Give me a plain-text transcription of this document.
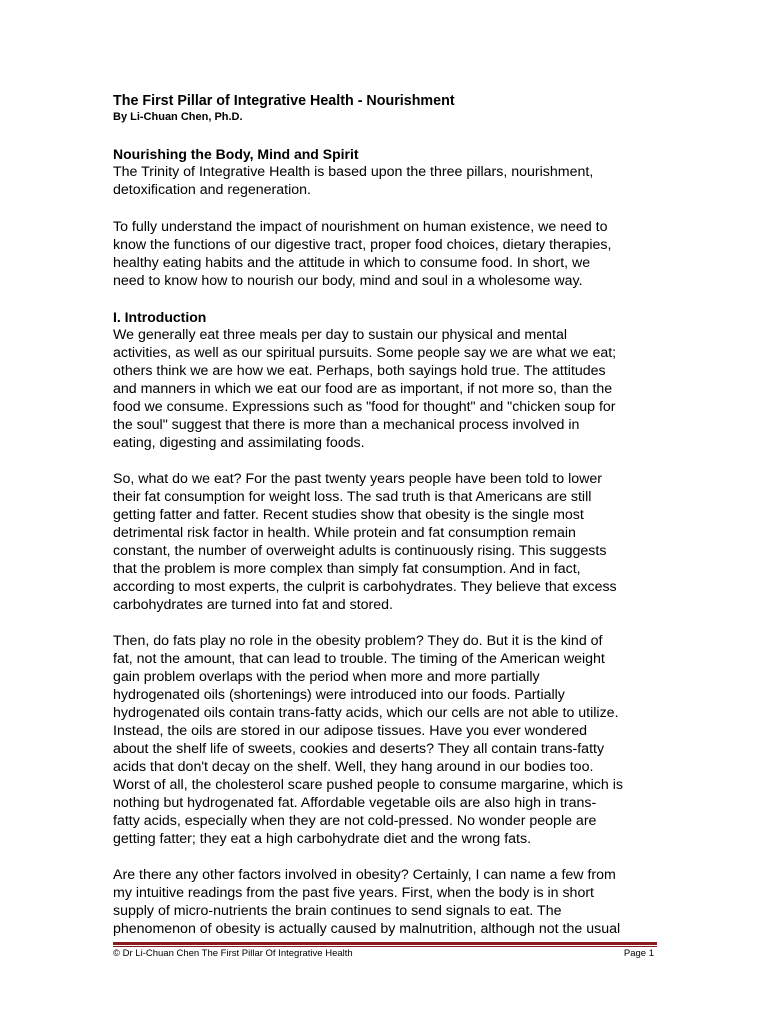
The First Pillar of Integrative Health - Nourishment
By Li-Chuan Chen, Ph.D.
Nourishing the Body, Mind and Spirit
The Trinity of Integrative Health is based upon the three pillars, nourishment,
detoxification and regeneration.
To fully understand the impact of nourishment on human existence, we need to
know the functions of our digestive tract, proper food choices, dietary therapies,
healthy eating habits and the attitude in which to consume food. In short, we
need to know how to nourish our body, mind and soul in a wholesome way.
I. Introduction
We generally eat three meals per day to sustain our physical and mental
activities, as well as our spiritual pursuits. Some people say we are what we eat;
others think we are how we eat. Perhaps, both sayings hold true. The attitudes
and manners in which we eat our food are as important, if not more so, than the
food we consume. Expressions such as "food for thought" and "chicken soup for
the soul" suggest that there is more than a mechanical process involved in
eating, digesting and assimilating foods.
So, what do we eat? For the past twenty years people have been told to lower
their fat consumption for weight loss. The sad truth is that Americans are still
getting fatter and fatter. Recent studies show that obesity is the single most
detrimental risk factor in health. While protein and fat consumption remain
constant, the number of overweight adults is continuously rising. This suggests
that the problem is more complex than simply fat consumption. And in fact,
according to most experts, the culprit is carbohydrates. They believe that excess
carbohydrates are turned into fat and stored.
Then, do fats play no role in the obesity problem? They do. But it is the kind of
fat, not the amount, that can lead to trouble. The timing of the American weight
gain problem overlaps with the period when more and more partially
hydrogenated oils (shortenings) were introduced into our foods. Partially
hydrogenated oils contain trans-fatty acids, which our cells are not able to utilize.
Instead, the oils are stored in our adipose tissues. Have you ever wondered
about the shelf life of sweets, cookies and deserts? They all contain trans-fatty
acids that don't decay on the shelf. Well, they hang around in our bodies too.
Worst of all, the cholesterol scare pushed people to consume margarine, which is
nothing but hydrogenated fat. Affordable vegetable oils are also high in trans-
fatty acids, especially when they are not cold-pressed. No wonder people are
getting fatter; they eat a high carbohydrate diet and the wrong fats.
Are there any other factors involved in obesity? Certainly, I can name a few from
my intuitive readings from the past five years. First, when the body is in short
supply of micro-nutrients the brain continues to send signals to eat. The
phenomenon of obesity is actually caused by malnutrition, although not the usual
© Dr Li-Chuan Chen The First Pillar Of Integrative Health	Page 1
